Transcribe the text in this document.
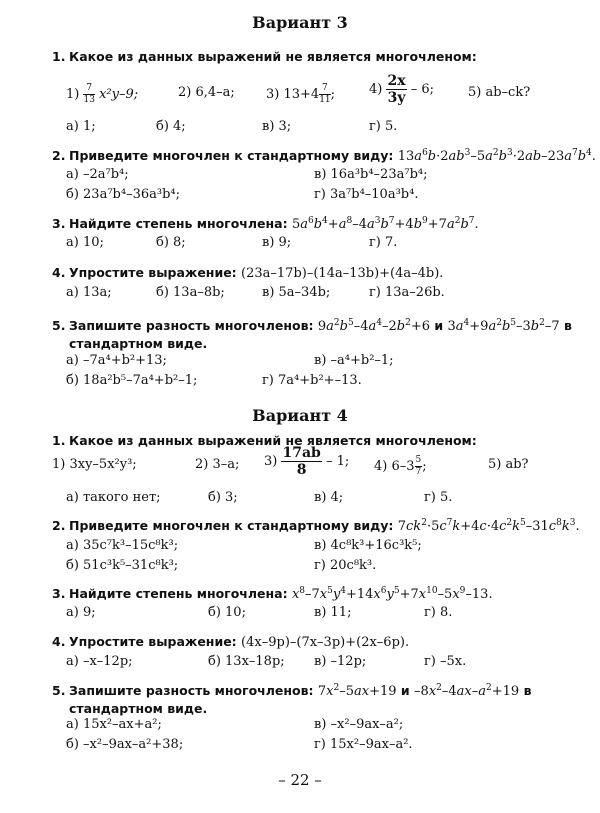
Вариант 3
1. Какое из данных выражений не является многочленом:
$1) \frac{7}{13} x^2y-9$;	2) 6,4–a; 3) $13+4 \frac{7}{11}$ ;	$4) \frac{2x}{3y} - 6$;	5) ab–ck?
а) 1;	б) 4;	в) 3;	г) 5.
2. Приведите многочлен к стандартному виду: $13a^6b\cdot 2ab^3-5a^2b^3\cdot 2ab-23a^7b^4$.
а) –2a⁷b⁴;	в) 16a³b⁴–23a⁷b⁴;
б) 23a⁷b⁴–36a³b⁴;	г) 3a⁷b⁴–10a³b⁴.
3. Найдите степень многочлена: $5a^6b^4+a^8-4a^3b^7+4b^9+7a^2b^7$.
а) 10;	б) 8;	в) 9;	г) 7.
4. Упростите выражение: (23a–17b)–(14a–13b)+(4a–4b).
а) 13a;	б) 13a–8b;	в) 5a–34b;	г) 13a–26b.
5. Запишите разность многочленов: $9a^2b^5-4a^4-2b^2+6$ и $3a^4+9a^2b^5-3b^2-7$ в
стандартном виде.
а) –7a⁴+b²+13;	в) –a⁴+b²–1;
б) 18a²b⁵–7a⁴+b²–1;	г) 7a⁴+b²+–13.
Вариант 4
1. Какое из данных выражений не является многочленом:
1) 3xy–5x²y³;	2) 3–a; $3) \frac{17ab}{8} - 1$; 4) $6-3 \frac{5}{7}$ ;	5) ab?
а) такого нет;	б) 3;	в) 4;	г) 5.
2. Приведите многочлен к стандартному виду: $7ck^2\cdot 5c^7k+4c\cdot 4c^2k^5-31c^8k^3$.
а) 35c⁷k³–15c⁸k³;	в) 4c⁸k³+16c³k⁵;
б) 51c³k⁵–31c⁸k³;	г) 20c⁸k³.
3. Найдите степень многочлена: $x^8-7x^5y^4+14x^6y^5+7x^{10}-5x^9-13$.
а) 9;	б) 10;	в) 11;	г) 8.
4. Упростите выражение: (4x–9p)–(7x–3p)+(2x–6p).
а) –x–12p;	б) 13x–18p; в) –12p;	г) –5x.
5. Запишите разность многочленов: $7x^2-5ax+19$ и $-8x^2-4ax-a^2+19$ в
стандартном виде.
а) 15x²–ax+a²;	в) –x²–9ax–a²;
б) –x²–9ax–a²+38;	г) 15x²–9ax–a².
– 22 –
